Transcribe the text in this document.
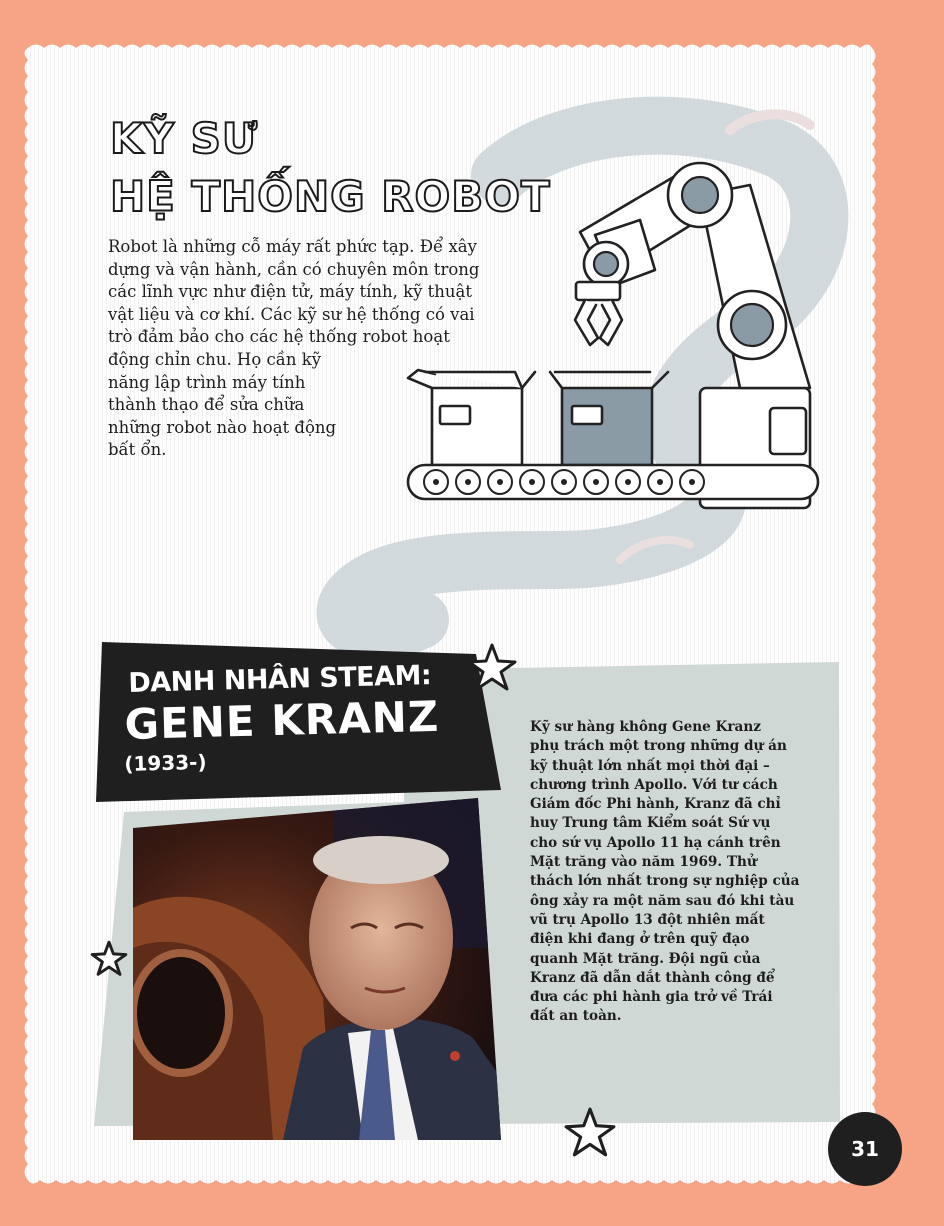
KỸ SƯ
HỆ THỐNG ROBOT
Robot là những cỗ máy rất phức tạp. Để xây
dựng và vận hành, cần có chuyên môn trong
các lĩnh vực như điện tử, máy tính, kỹ thuật
vật liệu và cơ khí. Các kỹ sư hệ thống có vai
trò đảm bảo cho các hệ thống robot hoạt
động chỉn chu. Họ cần kỹ
năng lập trình máy tính
thành thạo để sửa chữa
những robot nào hoạt động
bất ổn.
DANH NHÂN STEAM:
GENE KRANZ
(1933-)
Kỹ sư hàng không Gene Kranz
phụ trách một trong những dự án
kỹ thuật lớn nhất mọi thời đại –
chương trình Apollo. Với tư cách
Giám đốc Phi hành, Kranz đã chỉ
huy Trung tâm Kiểm soát Sứ vụ
cho sứ vụ Apollo 11 hạ cánh trên
Mặt trăng vào năm 1969. Thử
thách lớn nhất trong sự nghiệp của
ông xảy ra một năm sau đó khi tàu
vũ trụ Apollo 13 đột nhiên mất
điện khi đang ở trên quỹ đạo
quanh Mặt trăng. Đội ngũ của
Kranz đã dẫn dắt thành công để
đưa các phi hành gia trở về Trái
đất an toàn.
31
